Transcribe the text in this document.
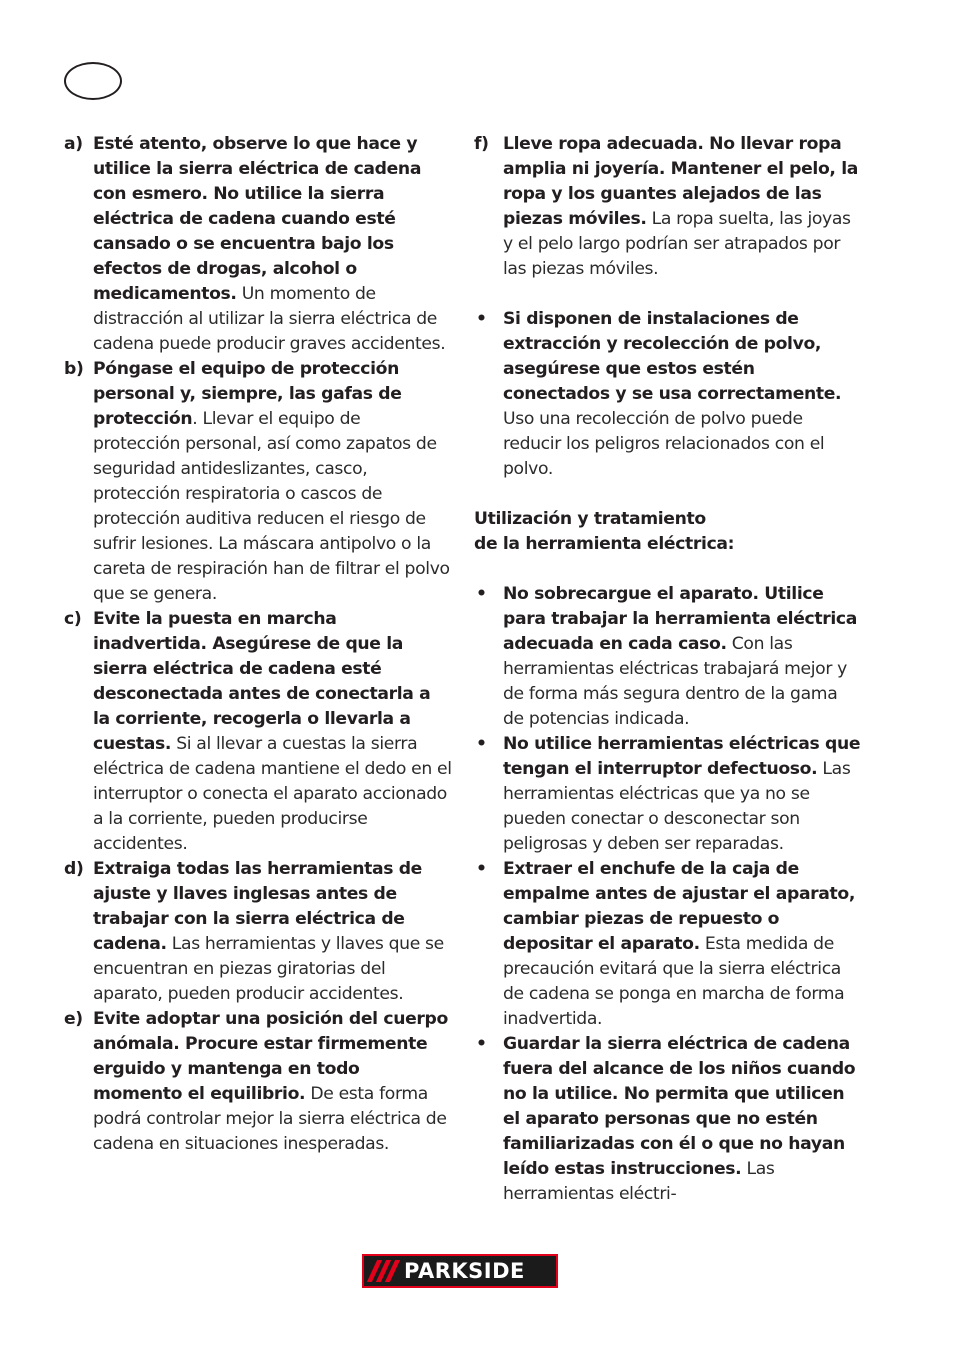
a) Esté atento, observe lo que hace y utilice la sierra eléctrica de cadena con esmero. No utilice la sierra eléctrica de cadena cuando esté cansado o se encuentra bajo los efectos de drogas, alcohol o medicamentos. Un momento de distracción al utilizar la sierra eléctrica de cadena puede producir graves accidentes.
b) Póngase el equipo de protección personal y, siempre, las gafas de protección. Llevar el equipo de protección personal, así como zapatos de seguridad antideslizantes, casco, protección respiratoria o cascos de protección auditiva reducen el riesgo de sufrir lesiones. La máscara antipolvo o la careta de respiración han de filtrar el polvo que se genera.
c) Evite la puesta en marcha inadvertida. Asegúrese de que la sierra eléctrica de cadena esté desconectada antes de conectarla a la corriente, recogerla o llevarla a cuestas. Si al llevar a cuestas la sierra eléctrica de cadena mantiene el dedo en el interruptor o conecta el aparato accionado a la corriente, pueden producirse accidentes.
d) Extraiga todas las herramientas de ajuste y llaves inglesas antes de trabajar con la sierra eléctrica de cadena. Las herramientas y llaves que se encuentran en piezas giratorias del aparato, pueden producir accidentes.
e) Evite adoptar una posición del cuerpo anómala. Procure estar firmemente erguido y mantenga en todo momento el equilibrio. De esta forma podrá controlar mejor la sierra eléctrica de cadena en situaciones inesperadas.
f) Lleve ropa adecuada. No llevar ropa amplia ni joyería. Mantener el pelo, la ropa y los guantes alejados de las piezas móviles. La ropa suelta, las joyas y el pelo largo podrían ser atrapados por las piezas móviles.
• Si disponen de instalaciones de extracción y recolección de polvo, asegúrese que estos estén conectados y se usa correctamente. Uso una recolección de polvo puede reducir los peligros relacionados con el polvo.
Utilización y tratamiento
de la herramienta eléctrica:
• No sobrecargue el aparato. Utilice para trabajar la herramienta eléctrica adecuada en cada caso. Con las herramientas eléctricas trabajará mejor y de forma más segura dentro de la gama de potencias indicada.
• No utilice herramientas eléctricas que tengan el interruptor defectuoso. Las herramientas eléctricas que ya no se pueden conectar o desconectar son peligrosas y deben ser reparadas.
• Extraer el enchufe de la caja de empalme antes de ajustar el aparato, cambiar piezas de repuesto o depositar el aparato. Esta medida de precaución evitará que la sierra eléctrica de cadena se ponga en marcha de forma inadvertida.
• Guardar la sierra eléctrica de cadena fuera del alcance de los niños cuando no la utilice. No permita que utilicen el aparato personas que no estén familiarizadas con él o que no hayan leído estas instrucciones. Las herramientas eléctri-
PARKSIDE
